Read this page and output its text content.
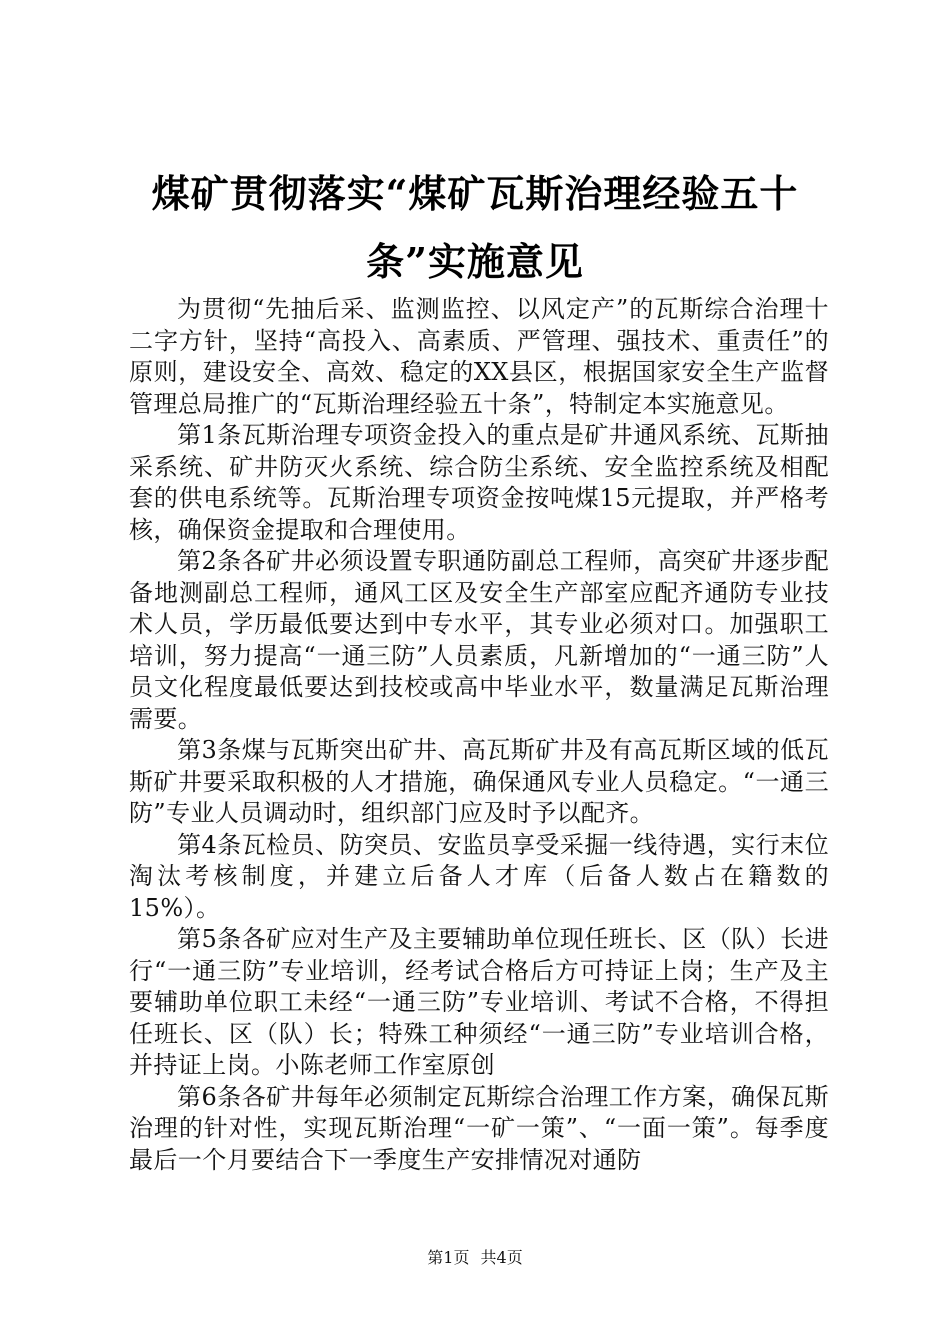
煤矿贯彻落实“煤矿瓦斯治理经验五十条”实施意见

为贯彻“先抽后采、监测监控、以风定产”的瓦斯综合治理十二字方针，坚持“高投入、高素质、严管理、强技术、重责任”的原则，建设安全、高效、稳定的XX县区，根据国家安全生产监督管理总局推广的“瓦斯治理经验五十条”，特制定本实施意见。

第1条瓦斯治理专项资金投入的重点是矿井通风系统、瓦斯抽采系统、矿井防灭火系统、综合防尘系统、安全监控系统及相配套的供电系统等。瓦斯治理专项资金按吨煤15元提取，并严格考核，确保资金提取和合理使用。

第2条各矿井必须设置专职通防副总工程师，高突矿井逐步配备地测副总工程师，通风工区及安全生产部室应配齐通防专业技术人员，学历最低要达到中专水平，其专业必须对口。加强职工培训，努力提高“一通三防”人员素质，凡新增加的“一通三防”人员文化程度最低要达到技校或高中毕业水平，数量满足瓦斯治理需要。

第3条煤与瓦斯突出矿井、高瓦斯矿井及有高瓦斯区域的低瓦斯矿井要采取积极的人才措施，确保通风专业人员稳定。“一通三防”专业人员调动时，组织部门应及时予以配齐。

第4条瓦检员、防突员、安监员享受采掘一线待遇，实行末位淘汰考核制度，并建立后备人才库（后备人数占在籍数的15%）。

第5条各矿应对生产及主要辅助单位现任班长、区（队）长进行“一通三防”专业培训，经考试合格后方可持证上岗；生产及主要辅助单位职工未经“一通三防”专业培训、考试不合格，不得担任班长、区（队）长；特殊工种须经“一通三防”专业培训合格，并持证上岗。小陈老师工作室原创

第6条各矿井每年必须制定瓦斯综合治理工作方案，确保瓦斯治理的针对性，实现瓦斯治理“一矿一策”、“一面一策”。每季度最后一个月要结合下一季度生产安排情况对通防

第1页 共4页
